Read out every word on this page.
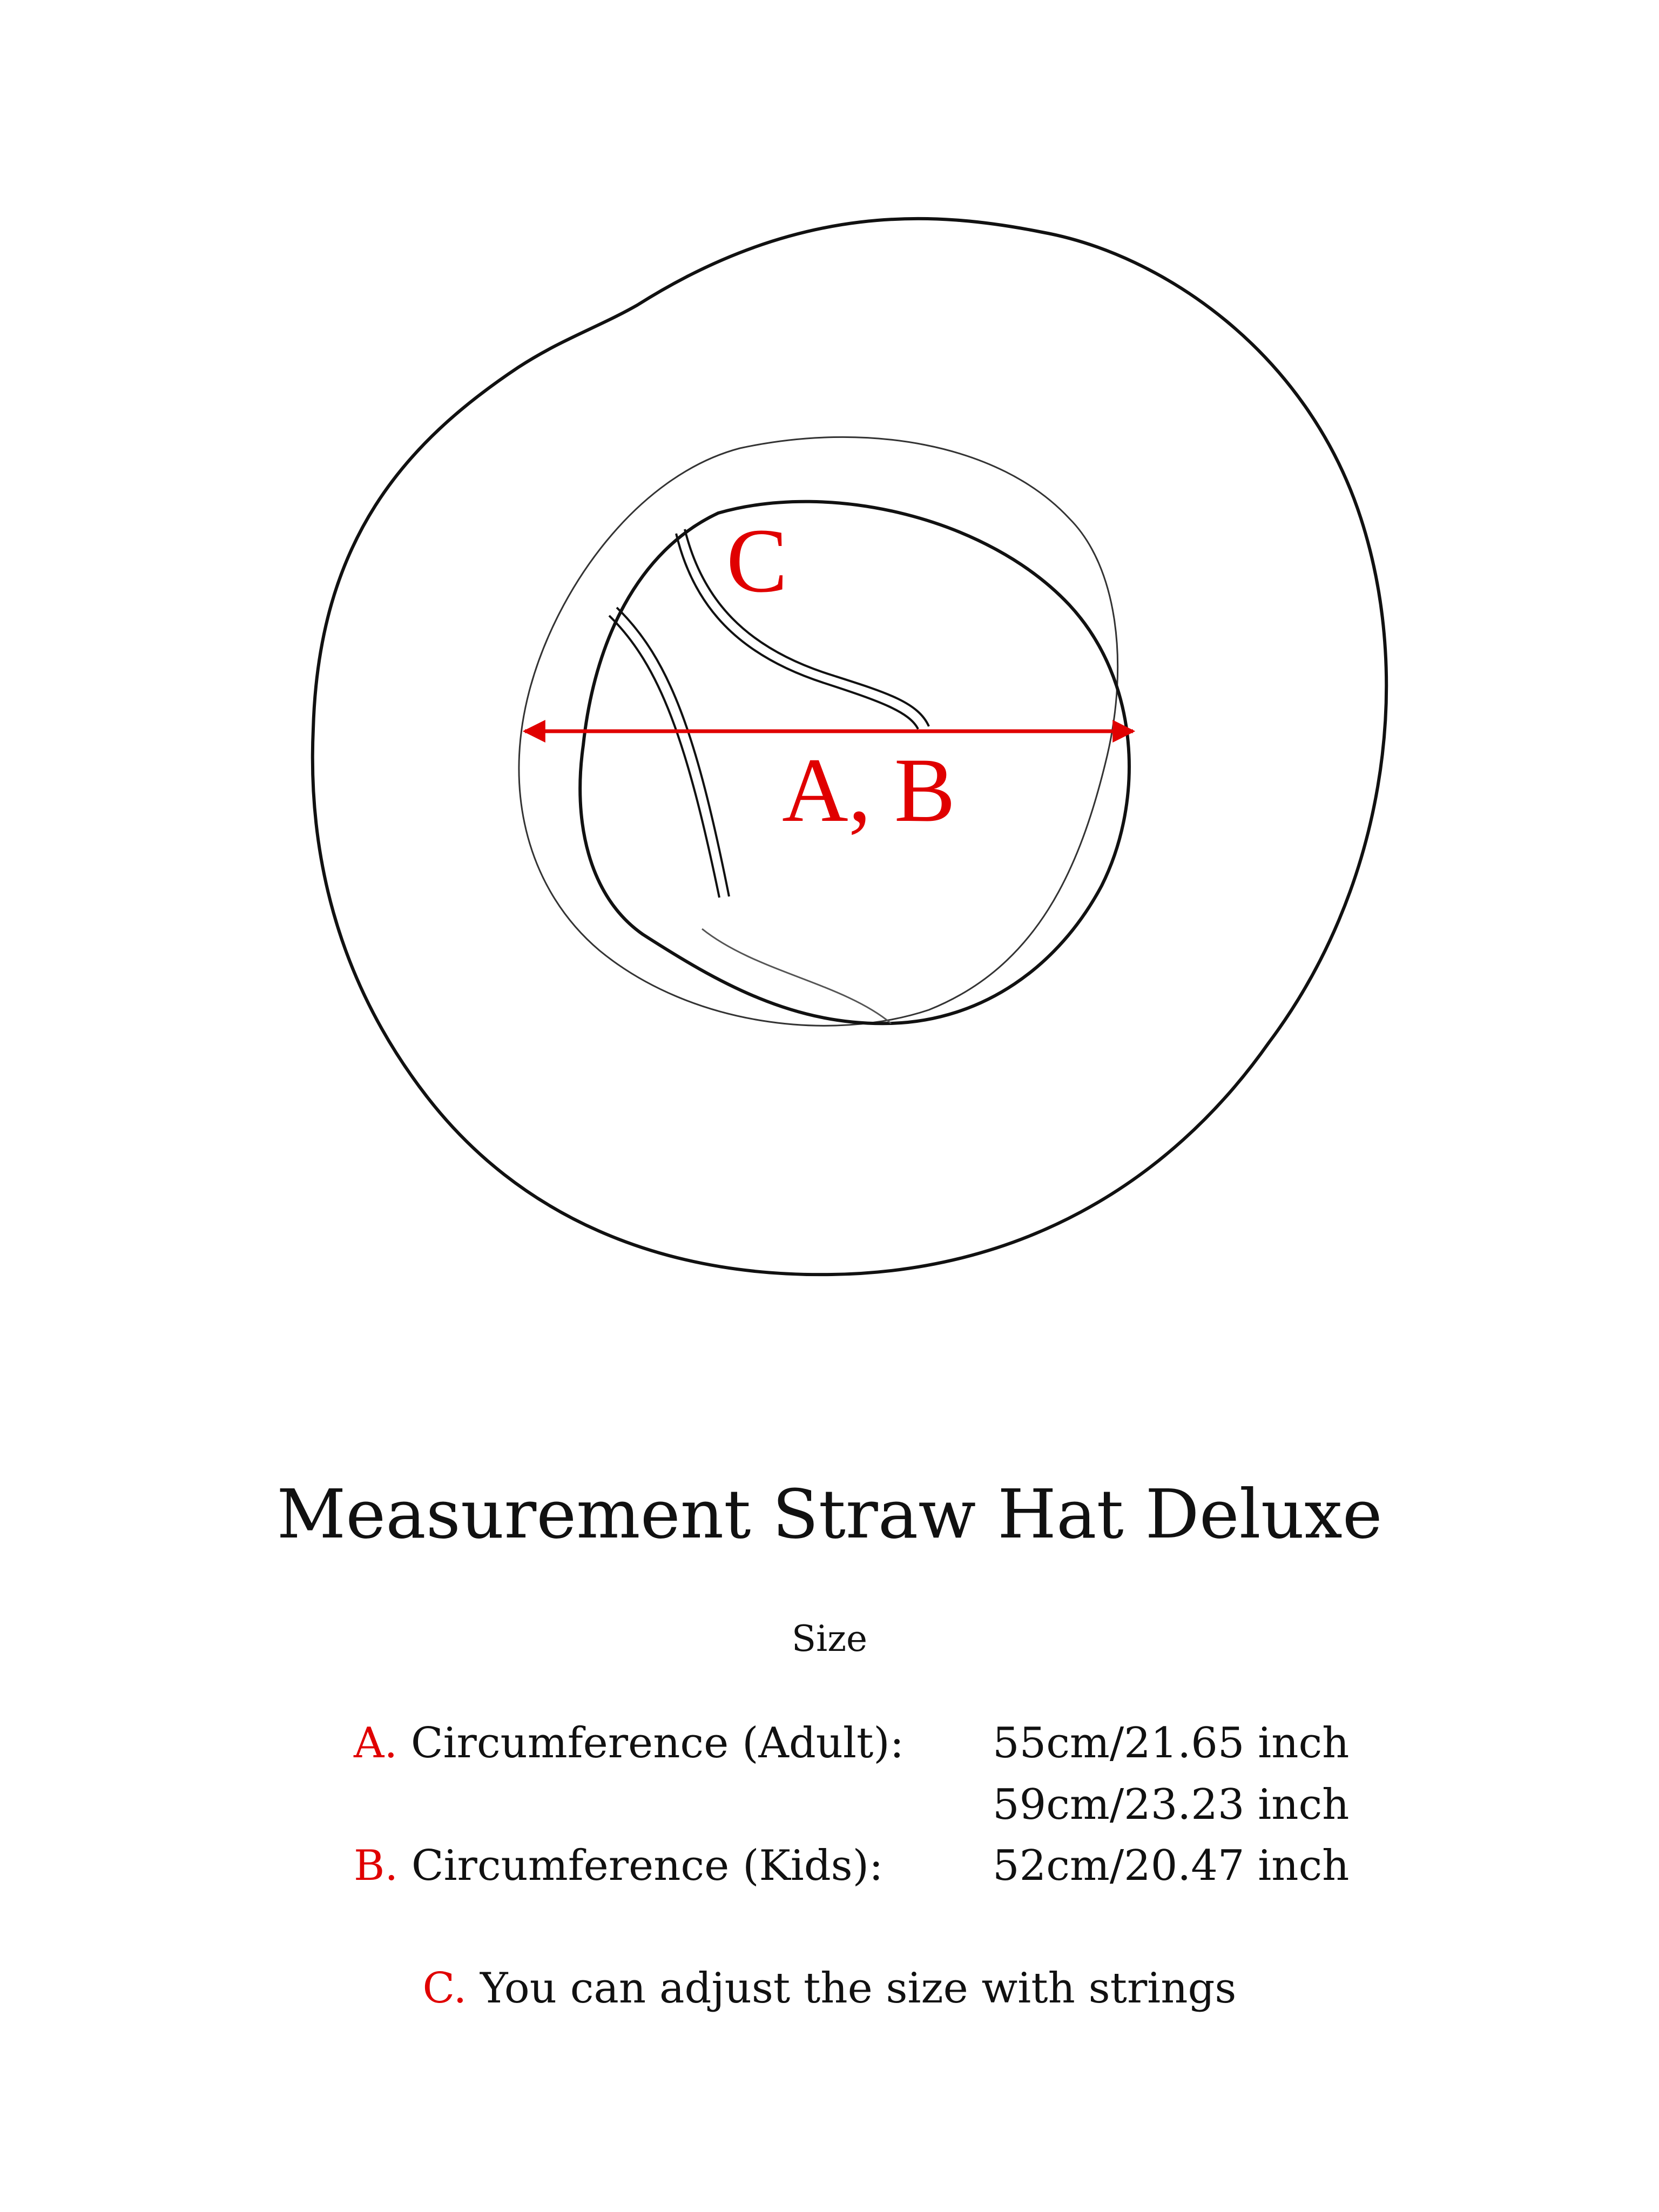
C
A, B
Measurement Straw Hat Deluxe
Size
A. Circumference (Adult): 55cm/21.65 inch
59cm/23.23 inch
B. Circumference (Kids):	52cm/20.47 inch
C. You can adjust the size with strings
